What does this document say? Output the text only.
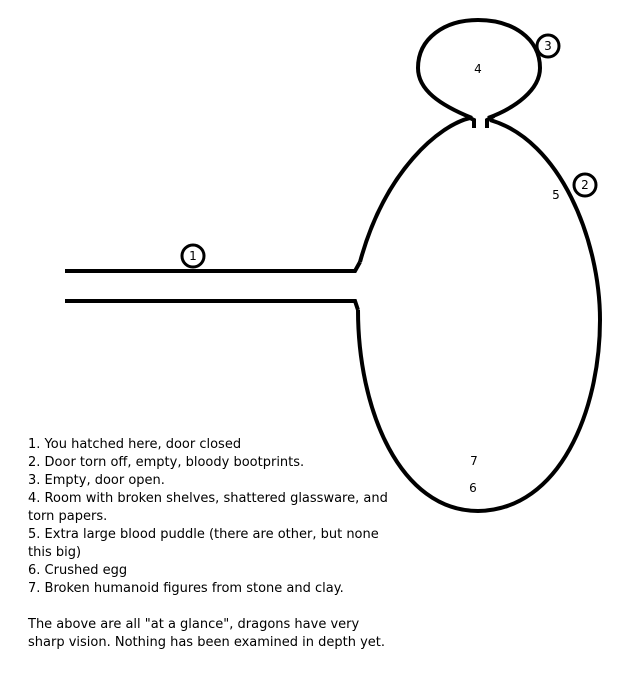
1
2
3
4
5
6
7
1. You hatched here, door closed
2. Door torn off, empty, bloody bootprints.
3. Empty, door open.
4. Room with broken shelves, shattered glassware, and torn papers.
5. Extra large blood puddle (there are other, but none this big)
6. Crushed egg
7. Broken humanoid figures from stone and clay.
The above are all "at a glance", dragons have very sharp vision. Nothing has been examined in depth yet.
